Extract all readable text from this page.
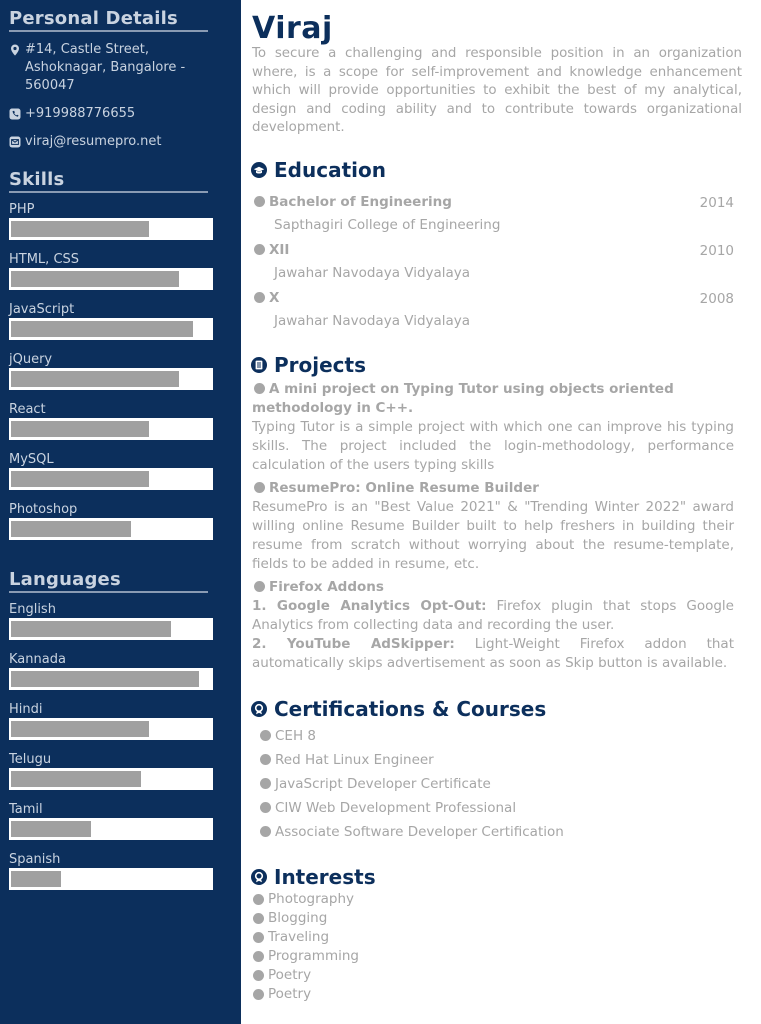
Personal Details
#14, Castle Street, Ashoknagar, Bangalore - 560047
+919988776655
viraj@resumepro.net
Skills
PHP
HTML, CSS
JavaScript
jQuery
React
MySQL
Photoshop
Languages
English
Kannada
Hindi
Telugu
Tamil
Spanish
Viraj

To secure a challenging and responsible position in an organization where, is a scope for self-improvement and knowledge enhancement which will provide opportunities to exhibit the best of my analytical, design and coding ability and to contribute towards organizational development.

Education
Bachelor of Engineering	2014
Sapthagiri College of Engineering
XII	2010
Jawahar Navodaya Vidyalaya
X	2008
Jawahar Navodaya Vidyalaya
Projects
A mini project on Typing Tutor using objects oriented methodology in C++.
Typing Tutor is a simple project with which one can improve his typing skills. The project included the login-methodology, performance calculation of the users typing skills
ResumePro: Online Resume Builder
ResumePro is an "Best Value 2021" & "Trending Winter 2022" award willing online Resume Builder built to help freshers in building their resume from scratch without worrying about the resume-template, fields to be added in resume, etc.
Firefox Addons
1. Google Analytics Opt-Out: Firefox plugin that stops Google Analytics from collecting data and recording the user.
2. YouTube AdSkipper: Light-Weight Firefox addon that automatically skips advertisement as soon as Skip button is available.
Certifications & Courses
CEH 8
Red Hat Linux Engineer
JavaScript Developer Certificate
CIW Web Development Professional
Associate Software Developer Certification
Interests
Photography
Blogging
Traveling
Programming
Poetry
Poetry
